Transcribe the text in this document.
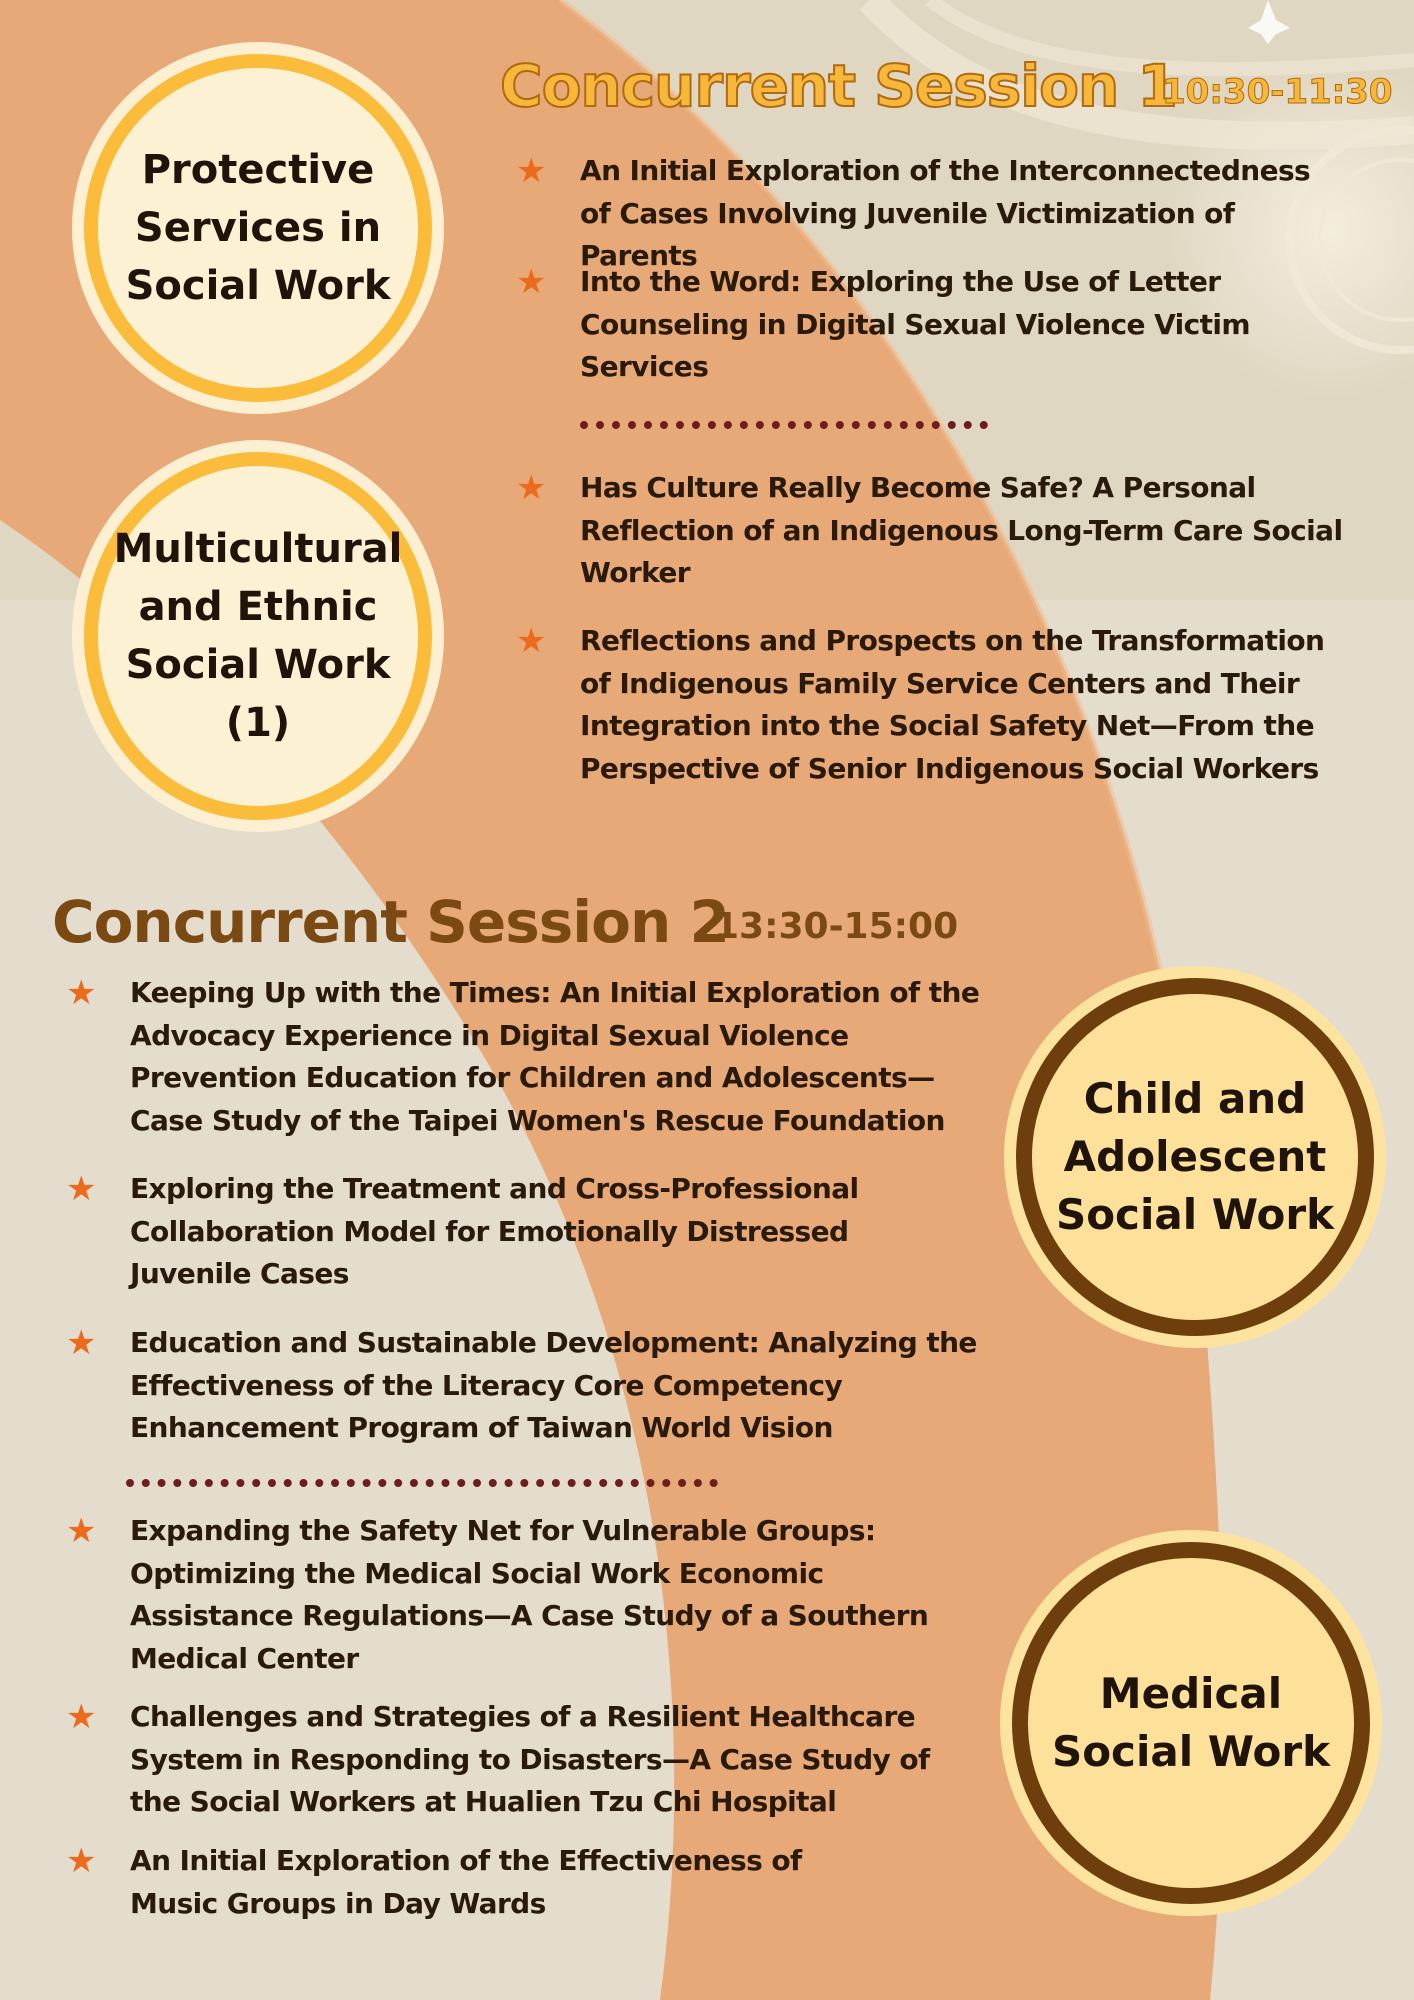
Concurrent Session 1
10:30-11:30
Protective
Services in
Social Work
Multicultural
and Ethnic
Social Work
(1)
★	An Initial Exploration of the Interconnectedness of Cases Involving Juvenile Victimization of Parents
★	Into the Word: Exploring the Use of Letter Counseling in Digital Sexual Violence Victim Services
★	Has Culture Really Become Safe? A Personal Reflection of an Indigenous Long-Term Care Social Worker
★	Reflections and Prospects on the Transformation of Indigenous Family Service Centers and Their Integration into the Social Safety Net—From the Perspective of Senior Indigenous Social Workers
Concurrent Session 2
13:30-15:00
Child and
Adolescent
Social Work
Medical
Social Work
★	Keeping Up with the Times: An Initial Exploration of the Advocacy Experience in Digital Sexual Violence Prevention Education for Children and Adolescents—Case Study of the Taipei Women's Rescue Foundation
★	Exploring the Treatment and Cross-Professional Collaboration Model for Emotionally Distressed Juvenile Cases
★	Education and Sustainable Development: Analyzing the Effectiveness of the Literacy Core Competency Enhancement Program of Taiwan World Vision
★	Expanding the Safety Net for Vulnerable Groups: Optimizing the Medical Social Work Economic Assistance Regulations—A Case Study of a Southern Medical Center
★	Challenges and Strategies of a Resilient Healthcare System in Responding to Disasters—A Case Study of the Social Workers at Hualien Tzu Chi Hospital
★	An Initial Exploration of the Effectiveness of Music Groups in Day Wards
